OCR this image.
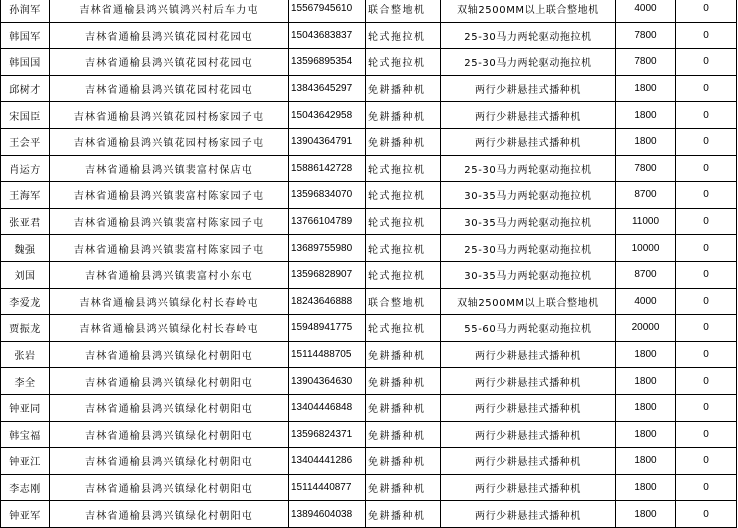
孙润军	吉林省通榆县鸿兴镇鸿兴村后车力屯	15567945610	联合整地机	双轴2500MM以上联合整地机	4000	0
韩国军	吉林省通榆县鸿兴镇花园村花园屯	15043683837	轮式拖拉机	25-30马力两轮驱动拖拉机	7800	0
韩国国	吉林省通榆县鸿兴镇花园村花园屯	13596895354	轮式拖拉机	25-30马力两轮驱动拖拉机	7800	0
邱树才	吉林省通榆县鸿兴镇花园村花园屯	13843645297	免耕播种机	两行少耕悬挂式播种机	1800	0
宋国臣	吉林省通榆县鸿兴镇花园村杨家园子屯	15043642958	免耕播种机	两行少耕悬挂式播种机	1800	0
王会平	吉林省通榆县鸿兴镇花园村杨家园子屯	13904364791	免耕播种机	两行少耕悬挂式播种机	1800	0
肖运方	吉林省通榆县鸿兴镇裴富村保店屯	15886142728	轮式拖拉机	25-30马力两轮驱动拖拉机	7800	0
王海军	吉林省通榆县鸿兴镇裴富村陈家园子屯	13596834070	轮式拖拉机	30-35马力两轮驱动拖拉机	8700	0
张亚君	吉林省通榆县鸿兴镇裴富村陈家园子屯	13766104789	轮式拖拉机	30-35马力两轮驱动拖拉机	11000	0
魏强	吉林省通榆县鸿兴镇裴富村陈家园子屯	13689755980	轮式拖拉机	25-30马力两轮驱动拖拉机	10000	0
刘国	吉林省通榆县鸿兴镇裴富村小东屯	13596828907	轮式拖拉机	30-35马力两轮驱动拖拉机	8700	0
李爱龙	吉林省通榆县鸿兴镇绿化村长春岭屯	18243646888	联合整地机	双轴2500MM以上联合整地机	4000	0
贾振龙	吉林省通榆县鸿兴镇绿化村长春岭屯	15948941775	轮式拖拉机	55-60马力两轮驱动拖拉机	20000	0
张岩	吉林省通榆县鸿兴镇绿化村朝阳屯	15114488705	免耕播种机	两行少耕悬挂式播种机	1800	0
李全	吉林省通榆县鸿兴镇绿化村朝阳屯	13904364630	免耕播种机	两行少耕悬挂式播种机	1800	0
钟亚同	吉林省通榆县鸿兴镇绿化村朝阳屯	13404446848	免耕播种机	两行少耕悬挂式播种机	1800	0
韩宝福	吉林省通榆县鸿兴镇绿化村朝阳屯	13596824371	免耕播种机	两行少耕悬挂式播种机	1800	0
钟亚江	吉林省通榆县鸿兴镇绿化村朝阳屯	13404441286	免耕播种机	两行少耕悬挂式播种机	1800	0
李志刚	吉林省通榆县鸿兴镇绿化村朝阳屯	15114440877	免耕播种机	两行少耕悬挂式播种机	1800	0
钟亚军	吉林省通榆县鸿兴镇绿化村朝阳屯	13894604038	免耕播种机	两行少耕悬挂式播种机	1800	0
